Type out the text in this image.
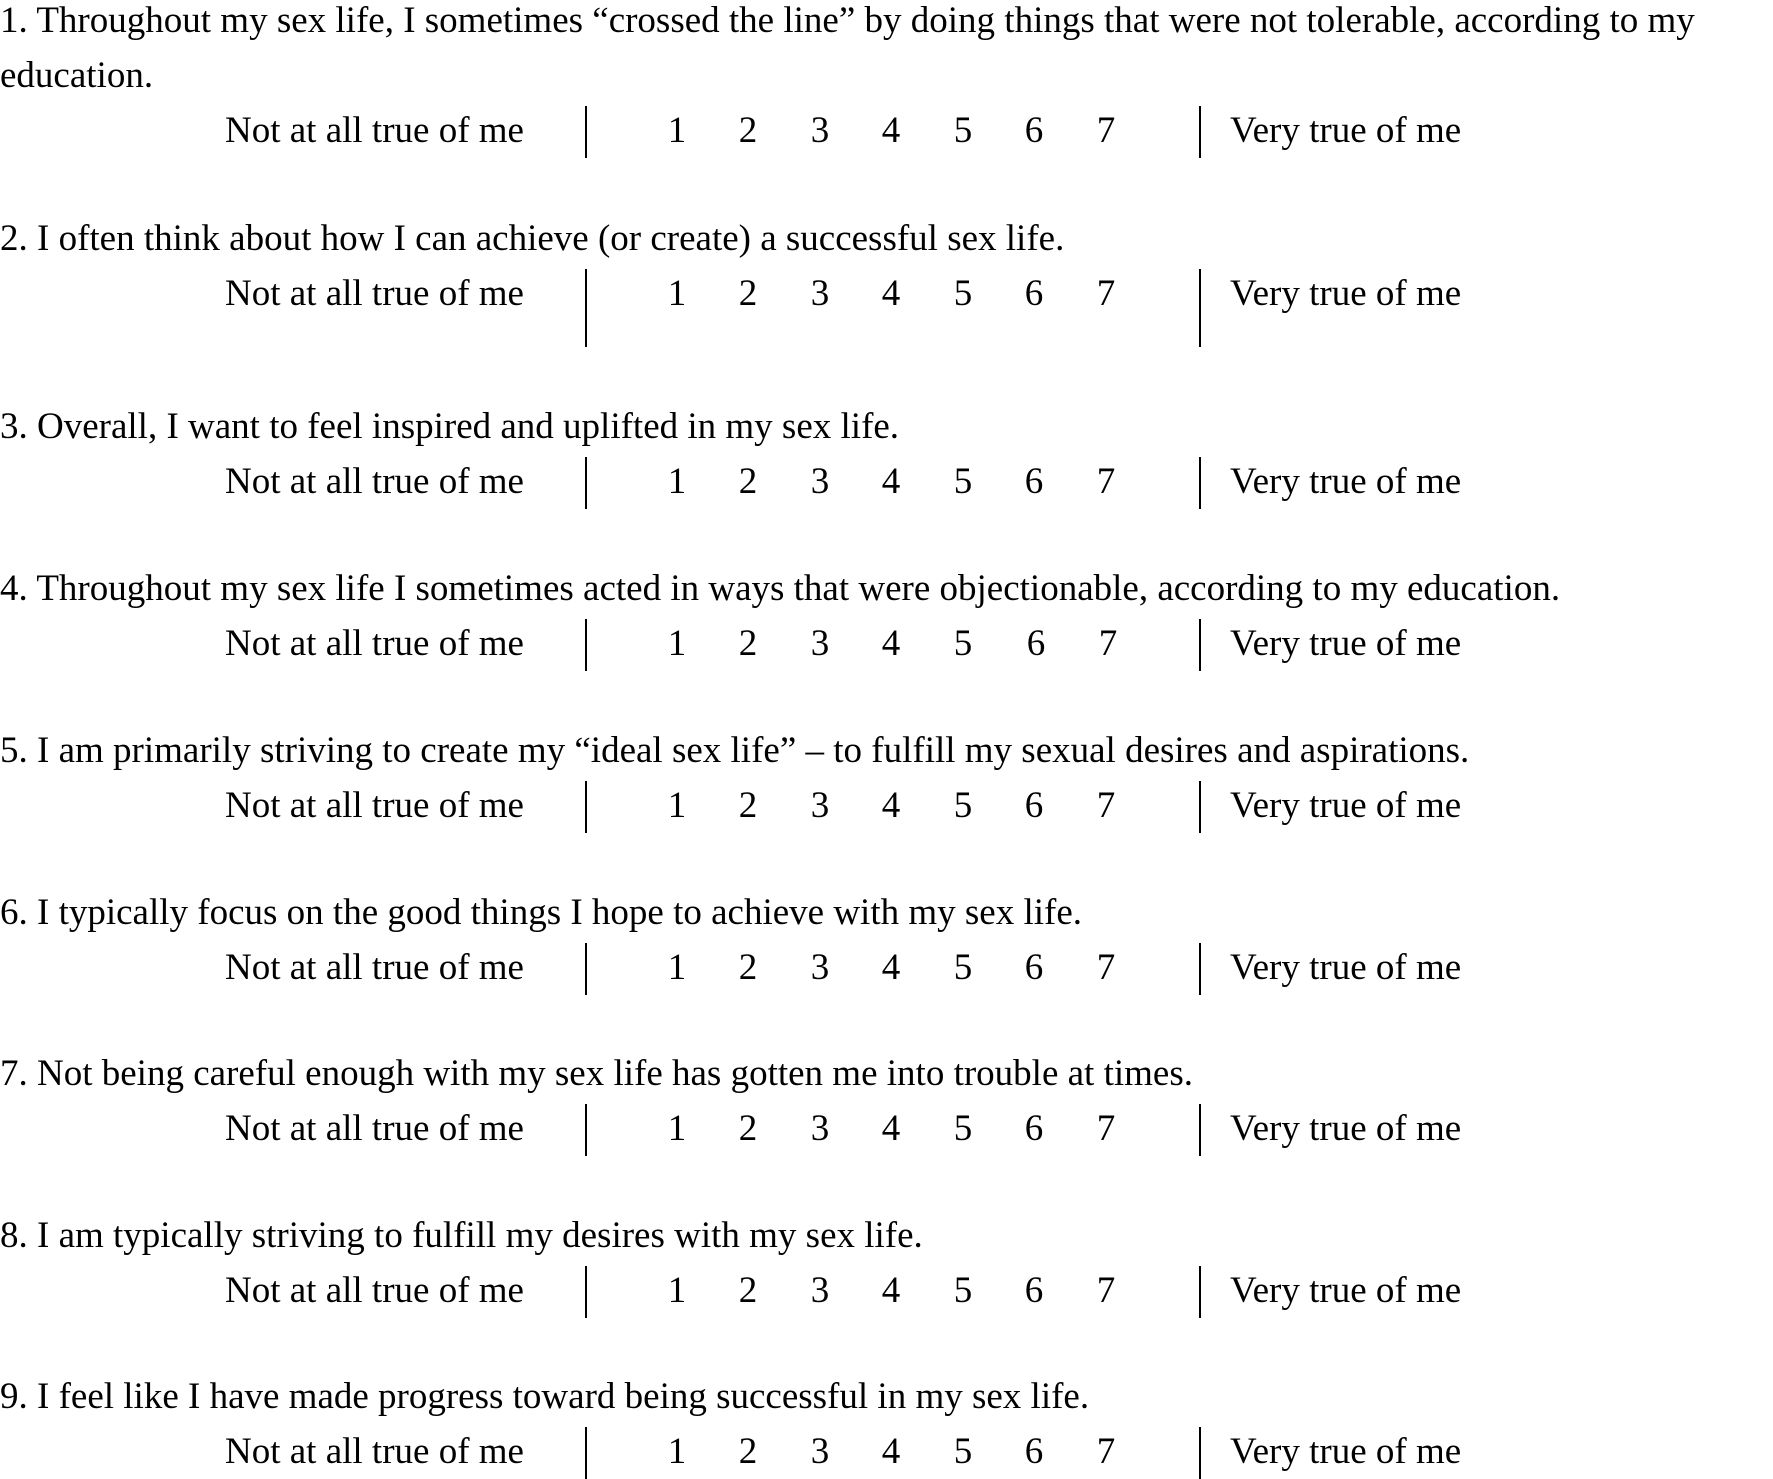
1. Throughout my sex life, I sometimes “crossed the line” by doing things that were not tolerable, according to my education.

Not at all true of me	1 2 3 4 5 6 7	Very true of me

2. I often think about how I can achieve (or create) a successful sex life.

Not at all true of me	1 2 3 4 5 6 7	Very true of me

3. Overall, I want to feel inspired and uplifted in my sex life.

Not at all true of me	1 2 3 4 5 6 7	Very true of me

4. Throughout my sex life I sometimes acted in ways that were objectionable, according to my education.

Not at all true of me	1 2 3 4 5 6 7	Very true of me

5. I am primarily striving to create my “ideal sex life” – to fulfill my sexual desires and aspirations.

Not at all true of me	1 2 3 4 5 6 7	Very true of me

6. I typically focus on the good things I hope to achieve with my sex life.

Not at all true of me	1 2 3 4 5 6 7	Very true of me

7. Not being careful enough with my sex life has gotten me into trouble at times.

Not at all true of me	1 2 3 4 5 6 7	Very true of me

8. I am typically striving to fulfill my desires with my sex life.

Not at all true of me	1 2 3 4 5 6 7	Very true of me

9. I feel like I have made progress toward being successful in my sex life.

Not at all true of me	1 2 3 4 5 6 7	Very true of me
